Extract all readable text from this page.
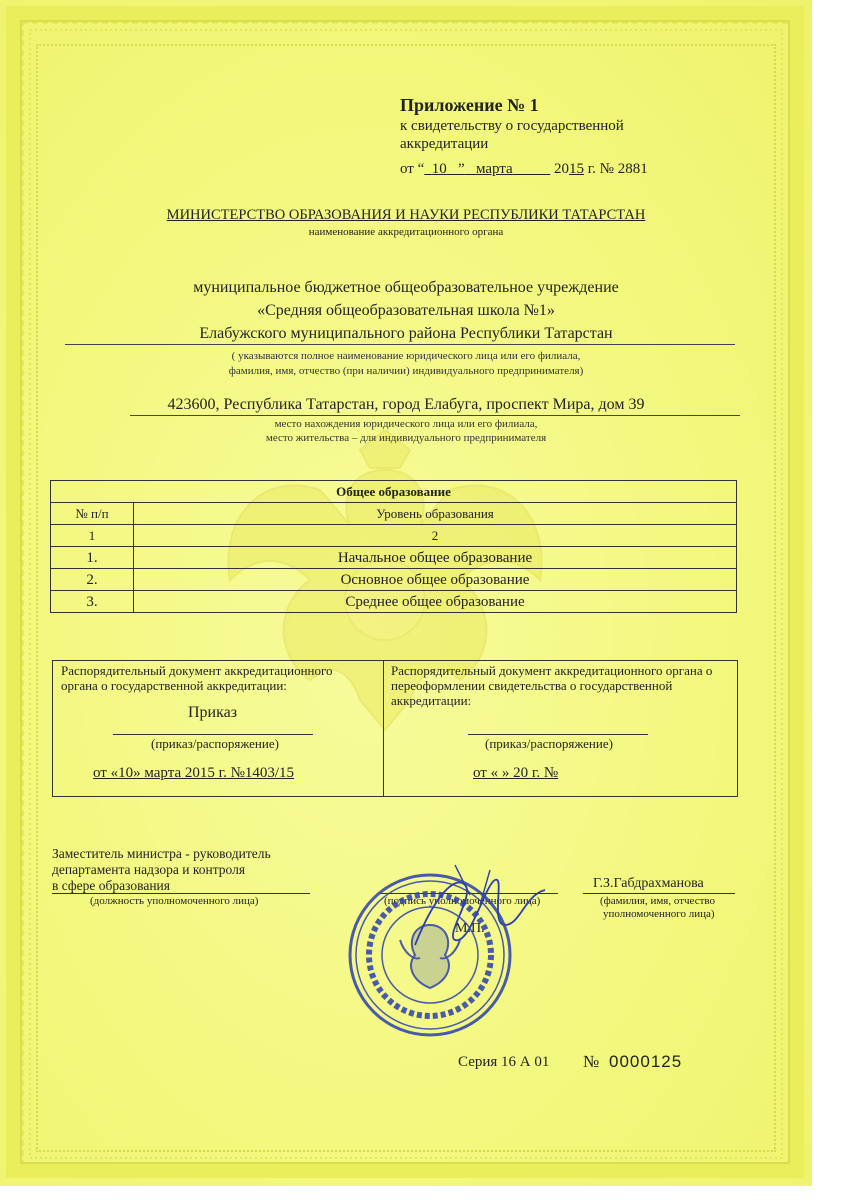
Приложение № 1
к свидетельству о государственной
аккредитации
от “ 10 ” марта	2015 г. № 2881
МИНИСТЕРСТВО ОБРАЗОВАНИЯ И НАУКИ РЕСПУБЛИКИ ТАТАРСТАН
наименование аккредитационного органа
муниципальное бюджетное общеобразовательное учреждение
«Средняя общеобразовательная школа №1»
Елабужского муниципального района Республики Татарстан
( указываются полное наименование юридического лица или его филиала,
фамилия, имя, отчество (при наличии) индивидуального предпринимателя)
423600, Республика Татарстан, город Елабуга, проспект Мира, дом 39
место нахождения юридического лица или его филиала,
место жительства – для индивидуального предпринимателя
Общее образование	
№ п/п	Уровень образования
1	2
1.	Начальное общее образование
2.	Основное общее образование
3.	Среднее общее образование
Распорядительный документ аккредитационного органа о государственной аккредитации:
Распорядительный документ аккредитационного органа о переоформлении свидетельства о государственной аккредитации:
Приказ
(приказ/распоряжение)	(приказ/распоряжение)
от «10» марта 2015 г. №1403/15	от « » 20 г. №
Заместитель министра - руководитель
департамента надзора и контроля
в сфере образования	Г.З.Габдрахманова
(должность уполномоченного лица)	(подпись уполномоченного лица)	(фамилия, имя, отчество
уполномоченного лица)
М.П.
Серия 16 А 01 № 0000125
